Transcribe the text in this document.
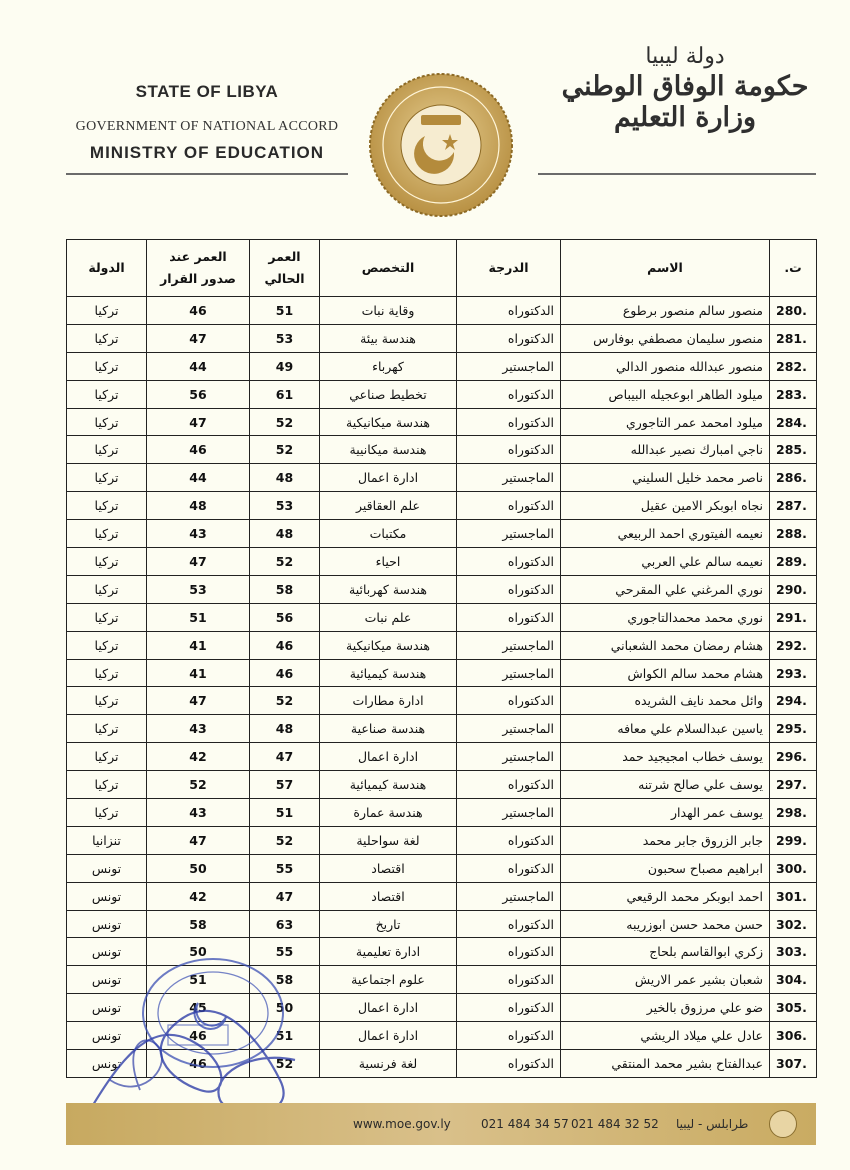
STATE OF LIBYA
GOVERNMENT OF NATIONAL ACCORD
MINISTRY OF EDUCATION
دولة ليبيا
حكومة الوفاق الوطني
وزارة التعليم
ت.	الاسم	الدرجة	التخصص	العمر الحالي	العمر عند صدور القرار	الدولة
280.	منصور سالم منصور برطوع	الدكتوراه	وقاية نبات	51	46	تركيا
281.	منصور سليمان مصطفي بوفارس	الدكتوراه	هندسة بيئة	53	47	تركيا
282.	منصور عبدالله منصور الدالي	الماجستير	كهرباء	49	44	تركيا
283.	ميلود الطاهر ابوعجيله البيباص	الدكتوراه	تخطيط صناعي	61	56	تركيا
284.	ميلود امحمد عمر التاجوري	الدكتوراه	هندسة ميكانيكية	52	47	تركيا
285.	ناجي امبارك نصير عبدالله	الدكتوراه	هندسة ميكانيية	52	46	تركيا
286.	ناصر محمد خليل السليني	الماجستير	ادارة اعمال	48	44	تركيا
287.	نجاه ابوبكر الامين عقيل	الدكتوراه	علم العقاقير	53	48	تركيا
288.	نعيمه الفيتوري احمد الربيعي	الماجستير	مكتبات	48	43	تركيا
289.	نعيمه سالم علي العربي	الدكتوراه	احياء	52	47	تركيا
290.	نوري المرغني علي المقرحي	الدكتوراه	هندسة كهربائية	58	53	تركيا
291.	نوري محمد محمدالتاجوري	الدكتوراه	علم نبات	56	51	تركيا
292.	هشام رمضان محمد الشعباني	الماجستير	هندسة ميكانيكية	46	41	تركيا
293.	هشام محمد سالم الكواش	الماجستير	هندسة كيميائية	46	41	تركيا
294.	وائل محمد نايف الشريده	الدكتوراه	ادارة مطارات	52	47	تركيا
295.	ياسين عبدالسلام علي معافه	الماجستير	هندسة صناعية	48	43	تركيا
296.	يوسف خطاب امجيجيد حمد	الماجستير	ادارة اعمال	47	42	تركيا
297.	يوسف علي صالح شرتنه	الدكتوراه	هندسة كيميائية	57	52	تركيا
298.	يوسف عمر الهدار	الماجستير	هندسة عمارة	51	43	تركيا
299.	جابر الزروق جابر محمد	الدكتوراه	لغة سواحلية	52	47	تنزانيا
300.	ابراهيم مصباح سحبون	الدكتوراه	اقتصاد	55	50	تونس
301.	احمد ابوبكر محمد الرقيعي	الماجستير	اقتصاد	47	42	تونس
302.	حسن محمد حسن ابوزريبه	الدكتوراه	تاريخ	63	58	تونس
303.	زكري ابوالقاسم بلحاج	الدكتوراه	ادارة تعليمية	55	50	تونس
304.	شعبان بشير عمر الاريش	الدكتوراه	علوم اجتماعية	58	51	تونس
305.	ضو علي مرزوق بالخير	الدكتوراه	ادارة اعمال	50	45	تونس
306.	عادل علي ميلاد الريشي	الدكتوراه	ادارة اعمال	51	46	تونس
307.	عبدالفتاح بشير محمد المنتقي	الدكتوراه	لغة فرنسية	52	46	تونس
www.moe.gov.ly	021 484 34 57 021 484 32 52 طرابلس - ليبيا
